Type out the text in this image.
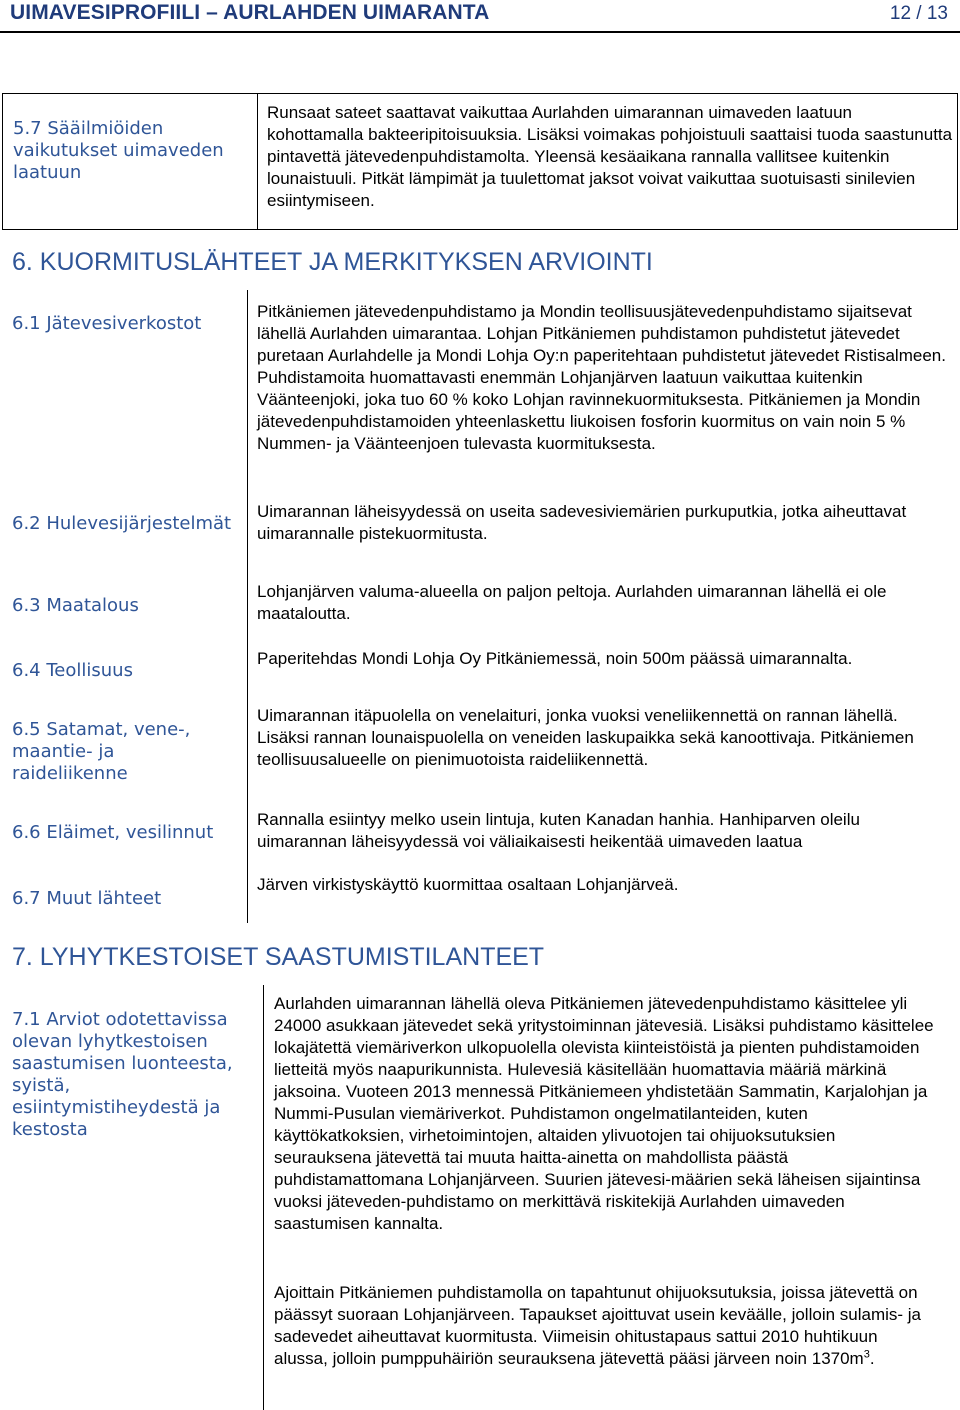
UIMAVESIPROFIILI – AURLAHDEN UIMARANTA	12 / 13
5.7 Sääilmiöiden vaikutukset uimaveden laatuun
Runsaat sateet saattavat vaikuttaa Aurlahden uimarannan uimaveden laatuun kohottamalla bakteeripitoisuuksia. Lisäksi voimakas pohjoistuuli saattaisi tuoda saastunutta pintavettä jätevedenpuhdistamolta. Yleensä kesäaikana rannalla vallitsee kuitenkin lounaistuuli. Pitkät lämpimät ja tuulettomat jaksot voivat vaikuttaa suotuisasti sinilevien esiintymiseen.
6. KUORMITUSLÄHTEET JA MERKITYKSEN ARVIOINTI
6.1 Jätevesiverkostot
Pitkäniemen jätevedenpuhdistamo ja Mondin teollisuusjätevedenpuhdistamo sijaitsevat lähellä Aurlahden uimarantaa. Lohjan Pitkäniemen puhdistamon puhdistetut jätevedet puretaan Aurlahdelle ja Mondi Lohja Oy:n paperitehtaan puhdistetut jätevedet Ristisalmeen. Puhdistamoita huomattavasti enemmän Lohjanjärven laatuun vaikuttaa kuitenkin Väänteenjoki, joka tuo 60 % koko Lohjan ravinnekuormituksesta. Pitkäniemen ja Mondin jätevedenpuhdistamoiden yhteenlaskettu liukoisen fosforin kuormitus on vain noin 5 % Nummen- ja Väänteenjoen tulevasta kuormituksesta.
6.2 Hulevesijärjestelmät
Uimarannan läheisyydessä on useita sadevesiviemärien purkuputkia, jotka aiheuttavat uimarannalle pistekuormitusta.
6.3 Maatalous
Lohjanjärven valuma-alueella on paljon peltoja. Aurlahden uimarannan lähellä ei ole maataloutta.
6.4 Teollisuus
Paperitehdas Mondi Lohja Oy Pitkäniemessä, noin 500m päässä uimarannalta.
6.5 Satamat, vene-, maantie- ja raideliikenne
Uimarannan itäpuolella on venelaituri, jonka vuoksi veneliikennettä on rannan lähellä. Lisäksi rannan lounaispuolella on veneiden laskupaikka sekä kanoottivaja. Pitkäniemen teollisuusalueelle on pienimuotoista raideliikennettä.
6.6 Eläimet, vesilinnut
Rannalla esiintyy melko usein lintuja, kuten Kanadan hanhia. Hanhiparven oleilu uimarannan läheisyydessä voi väliaikaisesti heikentää uimaveden laatua
6.7 Muut lähteet
Järven virkistyskäyttö kuormittaa osaltaan Lohjanjärveä.
7. LYHYTKESTOISET SAASTUMISTILANTEET
7.1 Arviot odotettavissa olevan lyhytkestoisen saastumisen luonteesta, syistä, esiintymistiheydestä ja kestosta
Aurlahden uimarannan lähellä oleva Pitkäniemen jätevedenpuhdistamo käsittelee yli 24000 asukkaan jätevedet sekä yritystoiminnan jätevesiä. Lisäksi puhdistamo käsittelee lokajätettä viemäriverkon ulkopuolella olevista kiinteistöistä ja pienten puhdistamoiden lietteitä myös naapurikunnista. Hulevesiä käsitellään huomattavia määriä märkinä jaksoina. Vuoteen 2013 mennessä Pitkäniemeen yhdistetään Sammatin, Karjalohjan ja Nummi-Pusulan viemäriverkot. Puhdistamon ongelmatilanteiden, kuten käyttökatkoksien, virhetoimintojen, altaiden ylivuotojen tai ohijuoksutuksien seurauksena jätevettä tai muuta haitta-ainetta on mahdollista päästä puhdistamattomana Lohjanjärveen. Suurien jätevesi-määrien sekä läheisen sijaintinsa vuoksi jäteveden-puhdistamo on merkittävä riskitekijä Aurlahden uimaveden saastumisen kannalta.
Ajoittain Pitkäniemen puhdistamolla on tapahtunut ohijuoksutuksia, joissa jätevettä on päässyt suoraan Lohjanjärveen. Tapaukset ajoittuvat usein keväälle, jolloin sulamis- ja sadevedet aiheuttavat kuormitusta. Viimeisin ohitustapaus sattui 2010 huhtikuun alussa, jolloin pumppuhäiriön seurauksena jätevettä pääsi järveen noin $1370m^3$.
